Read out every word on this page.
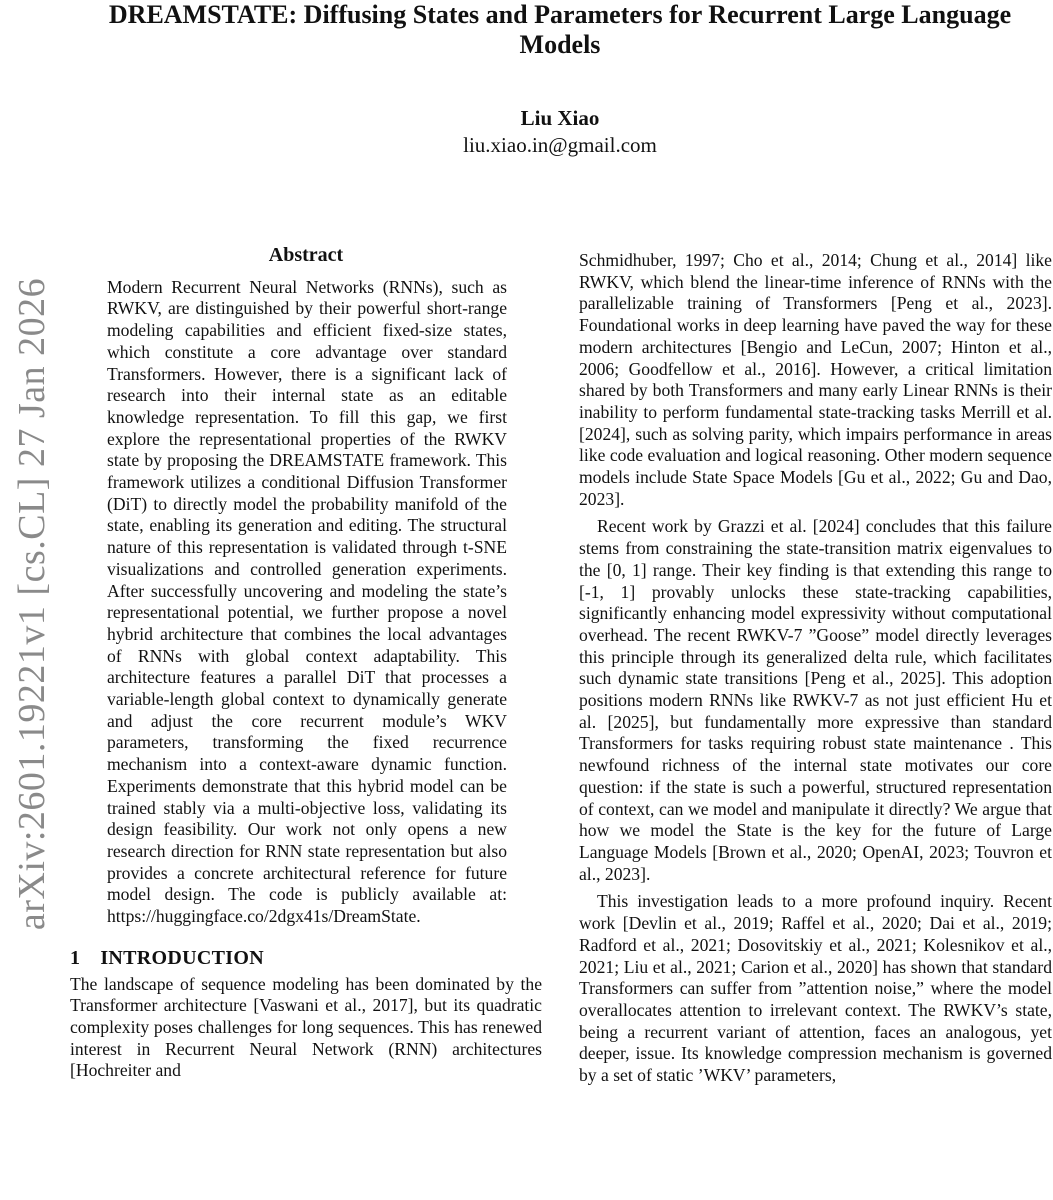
arXiv:2601.19221v1 [cs.CL] 27 Jan 2026
DREAMSTATE: Diffusing States and Parameters for Recurrent Large Language Models
Liu Xiao
liu.xiao.in@gmail.com
Abstract

Modern Recurrent Neural Networks (RNNs), such as RWKV, are distinguished by their powerful short-range modeling capabilities and efficient fixed-size states, which constitute a core advantage over standard Transformers. However, there is a significant lack of research into their internal state as an editable knowledge representation. To fill this gap, we first explore the representational properties of the RWKV state by proposing the DREAMSTATE framework. This framework utilizes a conditional Diffusion Transformer (DiT) to directly model the probability manifold of the state, enabling its generation and editing. The structural nature of this representation is validated through t-SNE visualizations and controlled generation experiments. After successfully uncovering and modeling the state’s representational potential, we further propose a novel hybrid architecture that combines the local advantages of RNNs with global context adaptability. This architecture features a parallel DiT that processes a variable-length global context to dynamically generate and adjust the core recurrent module’s WKV parameters, transforming the fixed recurrence mechanism into a context-aware dynamic function. Experiments demonstrate that this hybrid model can be trained stably via a multi-objective loss, validating its design feasibility. Our work not only opens a new research direction for RNN state representation but also provides a concrete architectural reference for future model design. The code is publicly available at: https://huggingface.co/2dgx41s/DreamState.

1 INTRODUCTION

The landscape of sequence modeling has been dominated by the Transformer architecture [Vaswani et al., 2017], but its quadratic complexity poses challenges for long sequences. This has renewed interest in Recurrent Neural Network (RNN) architectures [Hochreiter and

Schmidhuber, 1997; Cho et al., 2014; Chung et al., 2014] like RWKV, which blend the linear-time inference of RNNs with the parallelizable training of Transformers [Peng et al., 2023]. Foundational works in deep learning have paved the way for these modern architectures [Bengio and LeCun, 2007; Hinton et al., 2006; Goodfellow et al., 2016]. However, a critical limitation shared by both Transformers and many early Linear RNNs is their inability to perform fundamental state-tracking tasks Merrill et al. [2024], such as solving parity, which impairs performance in areas like code evaluation and logical reasoning. Other modern sequence models include State Space Models [Gu et al., 2022; Gu and Dao, 2023].

Recent work by Grazzi et al. [2024] concludes that this failure stems from constraining the state-transition matrix eigenvalues to the [0, 1] range. Their key finding is that extending this range to [-1, 1] provably unlocks these state-tracking capabilities, significantly enhancing model expressivity without computational overhead. The recent RWKV-7 ”Goose” model directly leverages this principle through its generalized delta rule, which facilitates such dynamic state transitions [Peng et al., 2025]. This adoption positions modern RNNs like RWKV-7 as not just efficient Hu et al. [2025], but fundamentally more expressive than standard Transformers for tasks requiring robust state maintenance . This newfound richness of the internal state motivates our core question: if the state is such a powerful, structured representation of context, can we model and manipulate it directly? We argue that how we model the State is the key for the future of Large Language Models [Brown et al., 2020; OpenAI, 2023; Touvron et al., 2023].

This investigation leads to a more profound inquiry. Recent work [Devlin et al., 2019; Raffel et al., 2020; Dai et al., 2019; Radford et al., 2021; Dosovitskiy et al., 2021; Kolesnikov et al., 2021; Liu et al., 2021; Carion et al., 2020] has shown that standard Transformers can suffer from ”attention noise,” where the model overallocates attention to irrelevant context. The RWKV’s state, being a recurrent variant of attention, faces an analogous, yet deeper, issue. Its knowledge compression mechanism is governed by a set of static ’WKV’ parameters,
